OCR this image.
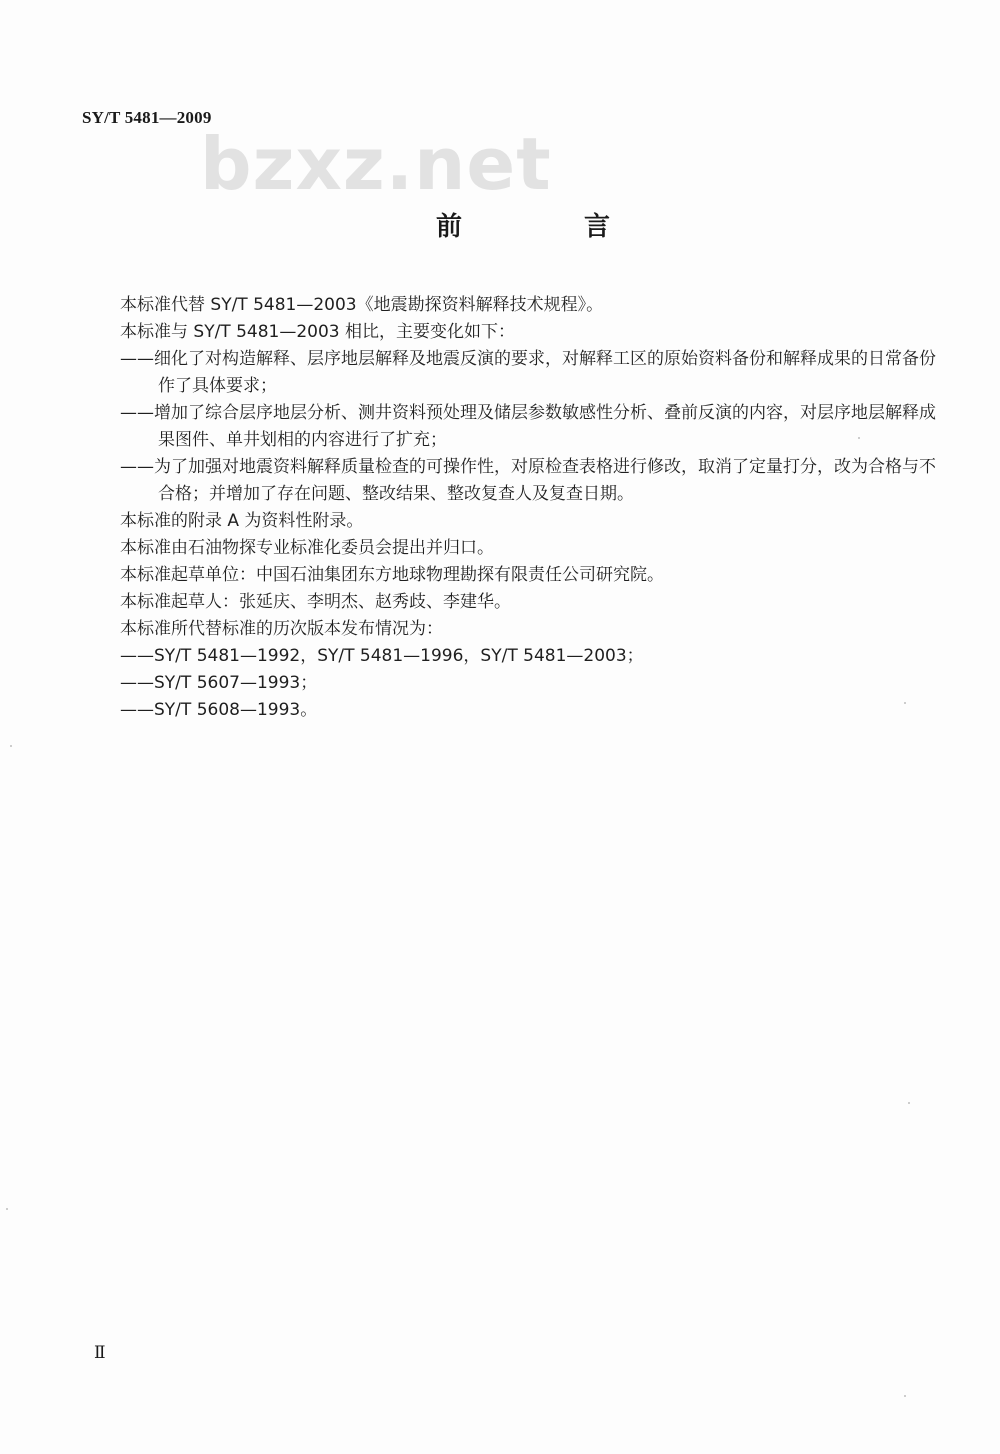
SY/T 5481—2009
bzxz.net
前　言

本标准代替 SY/T 5481—2003《地震勘探资料解释技术规程》。

本标准与 SY/T 5481—2003 相比，主要变化如下：

——细化了对构造解释、层序地层解释及地震反演的要求，对解释工区的原始资料备份和解释成果的日常备份作了具体要求；

——增加了综合层序地层分析、测井资料预处理及储层参数敏感性分析、叠前反演的内容，对层序地层解释成果图件、单井划相的内容进行了扩充；

——为了加强对地震资料解释质量检查的可操作性，对原检查表格进行修改，取消了定量打分，改为合格与不合格；并增加了存在问题、整改结果、整改复查人及复查日期。

本标准的附录 A 为资料性附录。

本标准由石油物探专业标准化委员会提出并归口。

本标准起草单位：中国石油集团东方地球物理勘探有限责任公司研究院。

本标准起草人：张延庆、李明杰、赵秀歧、李建华。

本标准所代替标准的历次版本发布情况为：

——SY/T 5481—1992，SY/T 5481—1996，SY/T 5481—2003；

——SY/T 5607—1993；

——SY/T 5608—1993。

Ⅱ
